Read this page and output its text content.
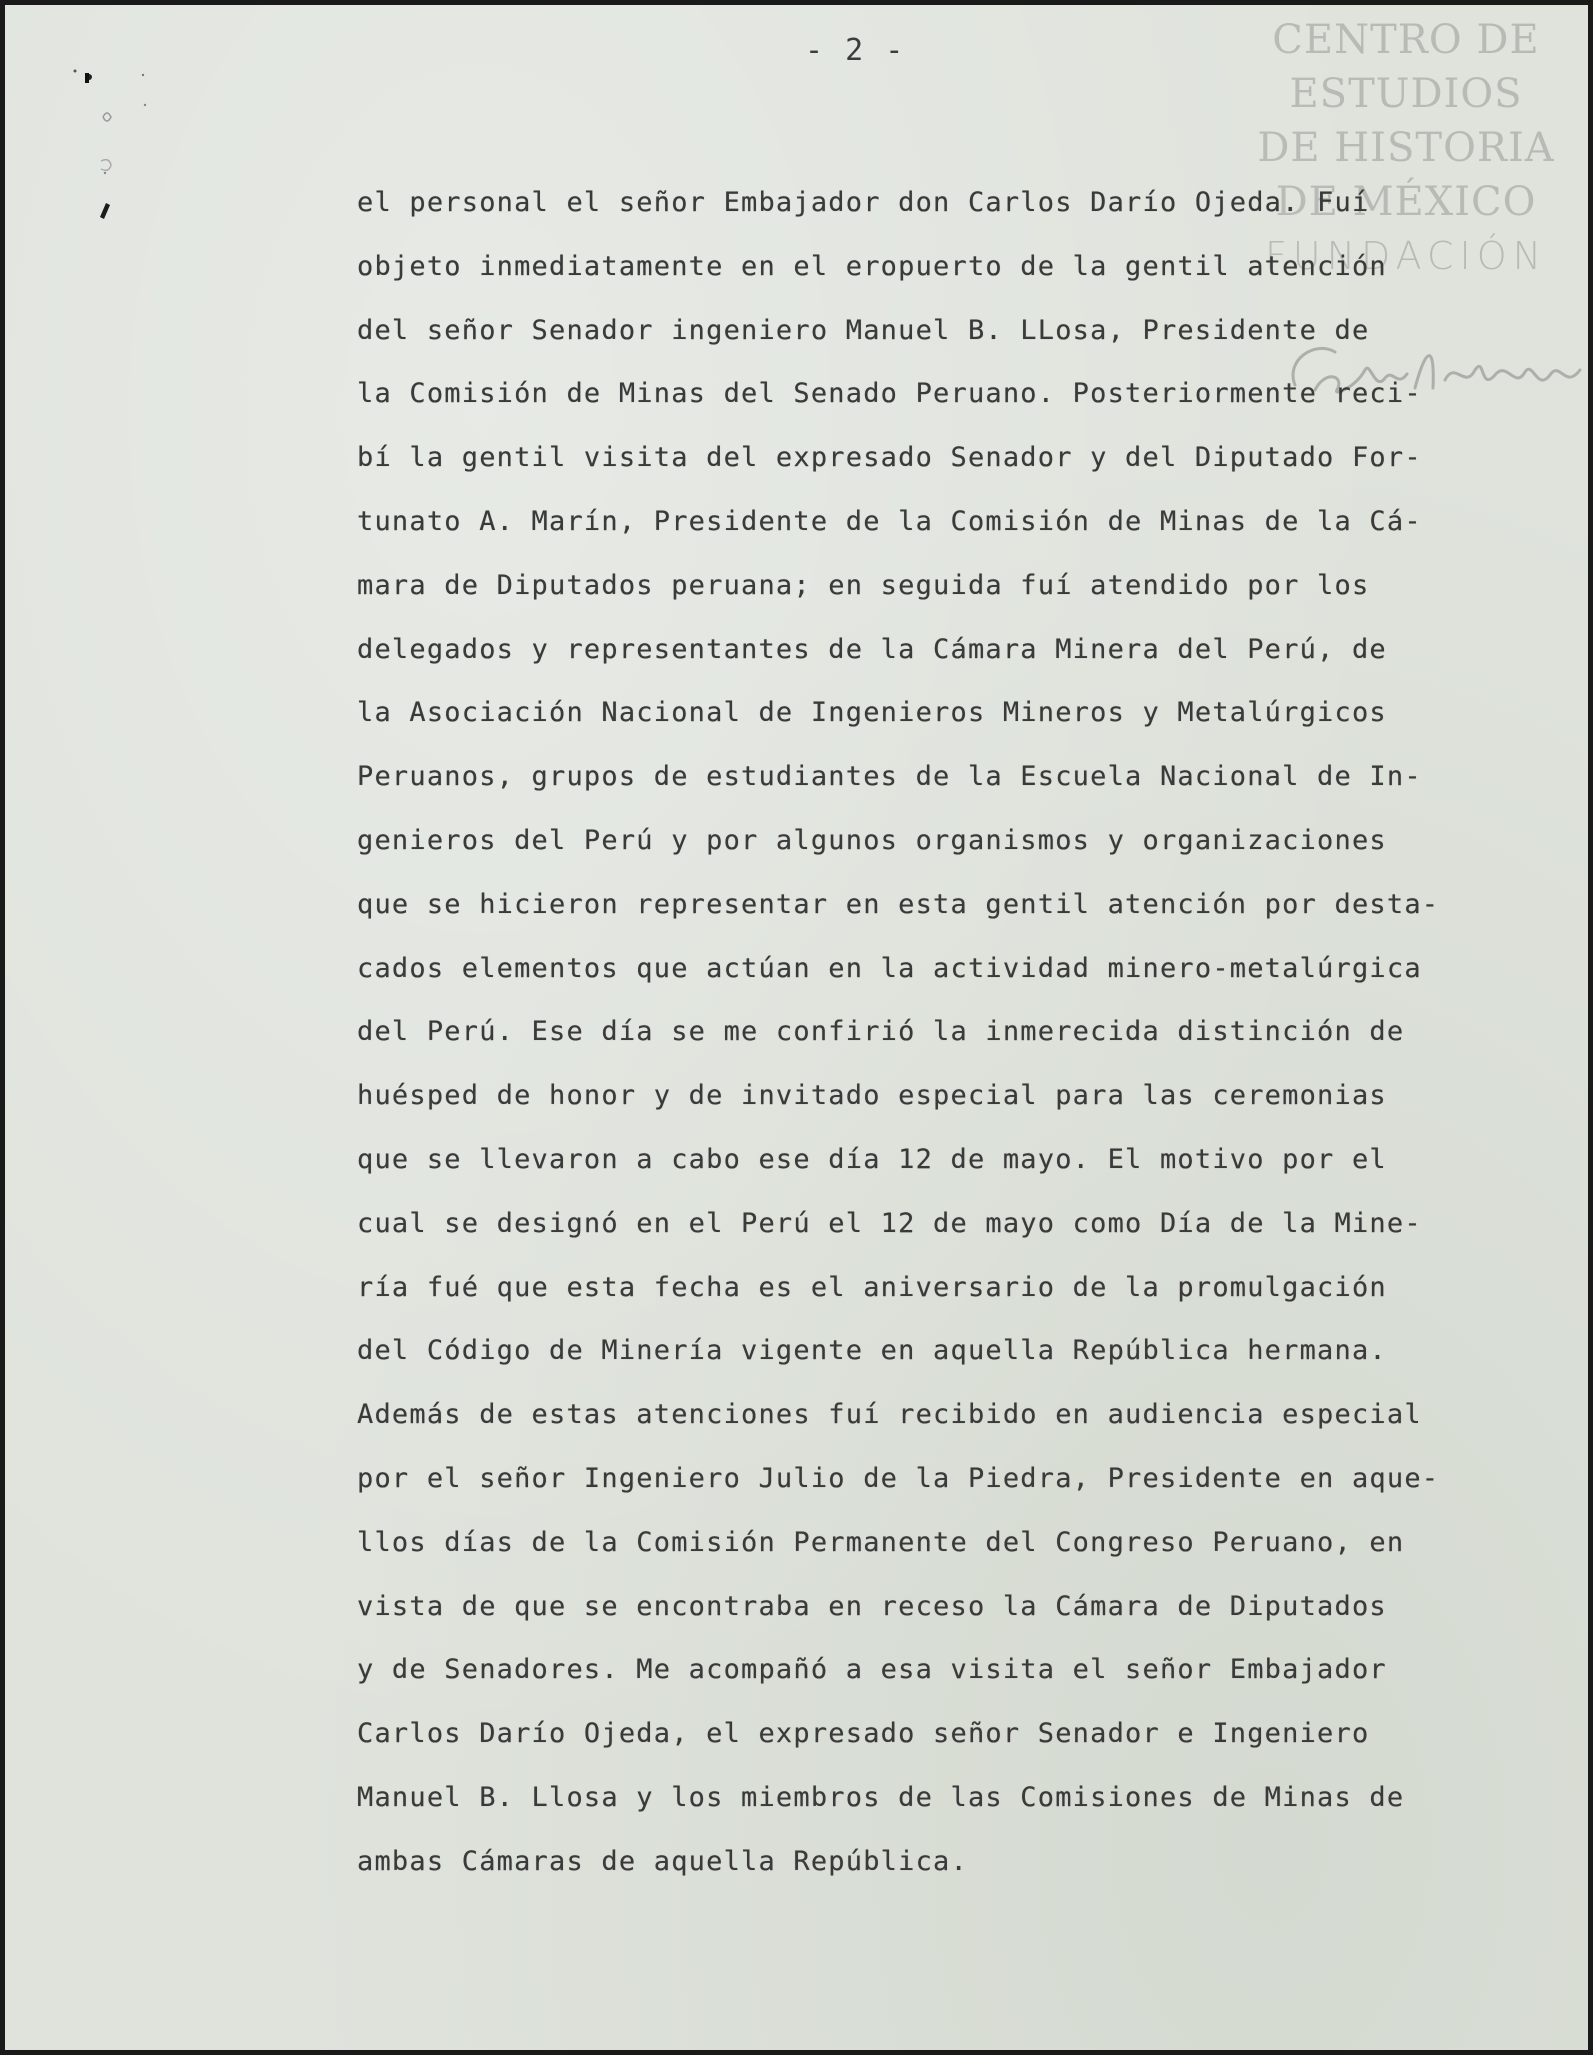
- 2 -	CENTRO DE
ESTUDIOS
DE HISTORIA
DE MÉXICO
FUNDACIÓN
el personal el señor Embajador don Carlos Darío Ojeda. Fuí
objeto inmediatamente en el eropuerto de la gentil atención
del señor Senador ingeniero Manuel B. LLosa, Presidente de
la Comisión de Minas del Senado Peruano. Posteriormente reci-
bí la gentil visita del expresado Senador y del Diputado For-
tunato A. Marín, Presidente de la Comisión de Minas de la Cá-
mara de Diputados peruana; en seguida fuí atendido por los
delegados y representantes de la Cámara Minera del Perú, de
la Asociación Nacional de Ingenieros Mineros y Metalúrgicos
Peruanos, grupos de estudiantes de la Escuela Nacional de In-
genieros del Perú y por algunos organismos y organizaciones
que se hicieron representar en esta gentil atención por desta-
cados elementos que actúan en la actividad minero-metalúrgica
del Perú. Ese día se me confirió la inmerecida distinción de
huésped de honor y de invitado especial para las ceremonias
que se llevaron a cabo ese día 12 de mayo. El motivo por el
cual se designó en el Perú el 12 de mayo como Día de la Mine-
ría fué que esta fecha es el aniversario de la promulgación
del Código de Minería vigente en aquella República hermana.
Además de estas atenciones fuí recibido en audiencia especial
por el señor Ingeniero Julio de la Piedra, Presidente en aque-
llos días de la Comisión Permanente del Congreso Peruano, en
vista de que se encontraba en receso la Cámara de Diputados
y de Senadores. Me acompañó a esa visita el señor Embajador
Carlos Darío Ojeda, el expresado señor Senador e Ingeniero
Manuel B. Llosa y los miembros de las Comisiones de Minas de
ambas Cámaras de aquella República.
